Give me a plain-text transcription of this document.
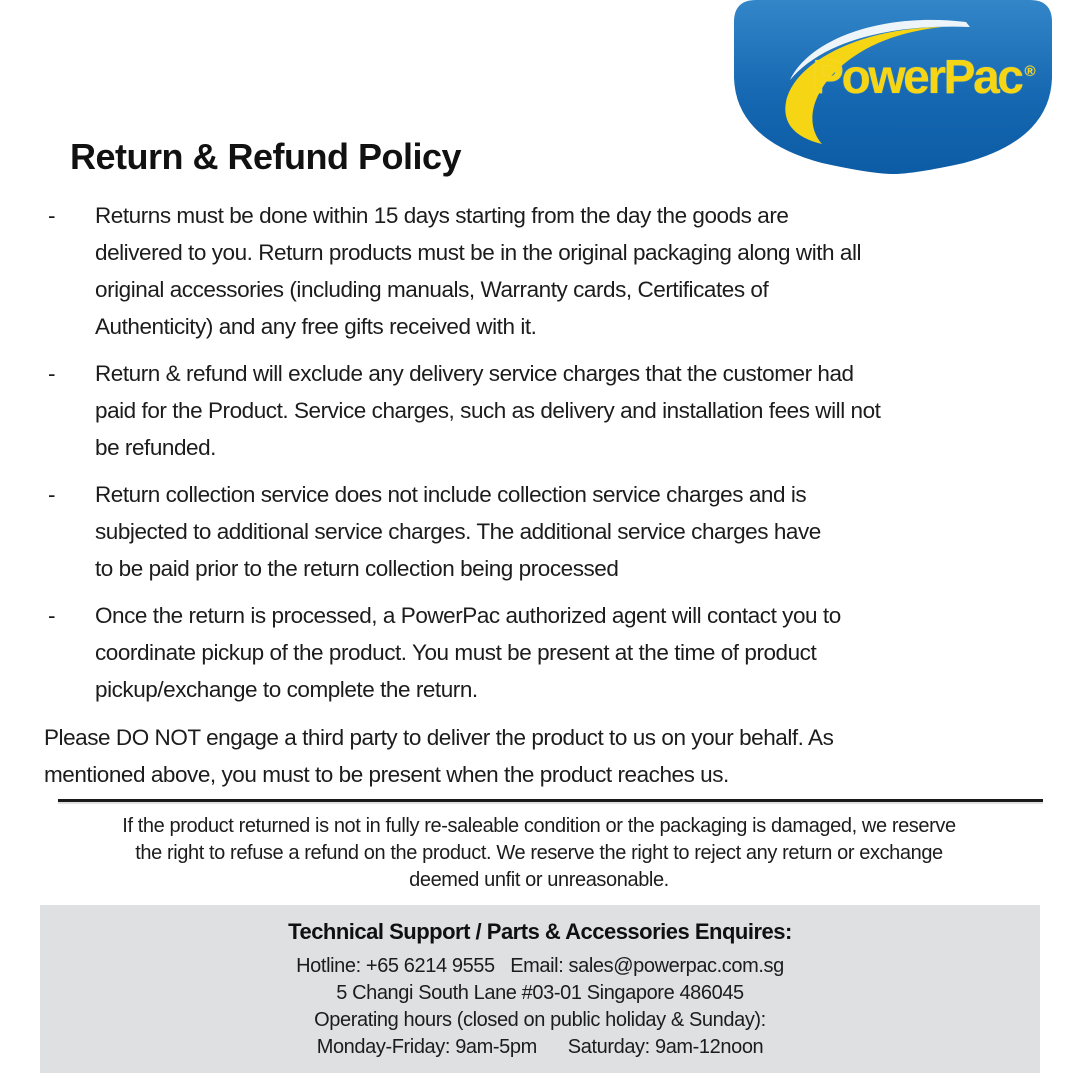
PowerPac ®
Return & Refund Policy
-	Returns must be done within 15 days starting from the day the goods are
delivered to you. Return products must be in the original packaging along with all
original accessories (including manuals, Warranty cards, Certificates of
Authenticity) and any free gifts received with it.
-	Return & refund will exclude any delivery service charges that the customer had
paid for the Product. Service charges, such as delivery and installation fees will not
be refunded.
-	Return collection service does not include collection service charges and is
subjected to additional service charges. The additional service charges have
to be paid prior to the return collection being processed
-	Once the return is processed, a PowerPac authorized agent will contact you to
coordinate pickup of the product. You must be present at the time of product
pickup/exchange to complete the return.
Please DO NOT engage a third party to deliver the product to us on your behalf. As
mentioned above, you must to be present when the product reaches us.
If the product returned is not in fully re-saleable condition or the packaging is damaged, we reserve
the right to refuse a refund on the product. We reserve the right to reject any return or exchange
deemed unfit or unreasonable.
Technical Support / Parts & Accessories Enquires:
Hotline: +65 6214 9555   Email: sales@powerpac.com.sg
5 Changi South Lane #03-01 Singapore 486045
Operating hours (closed on public holiday & Sunday):
Monday-Friday: 9am-5pm      Saturday: 9am-12noon
